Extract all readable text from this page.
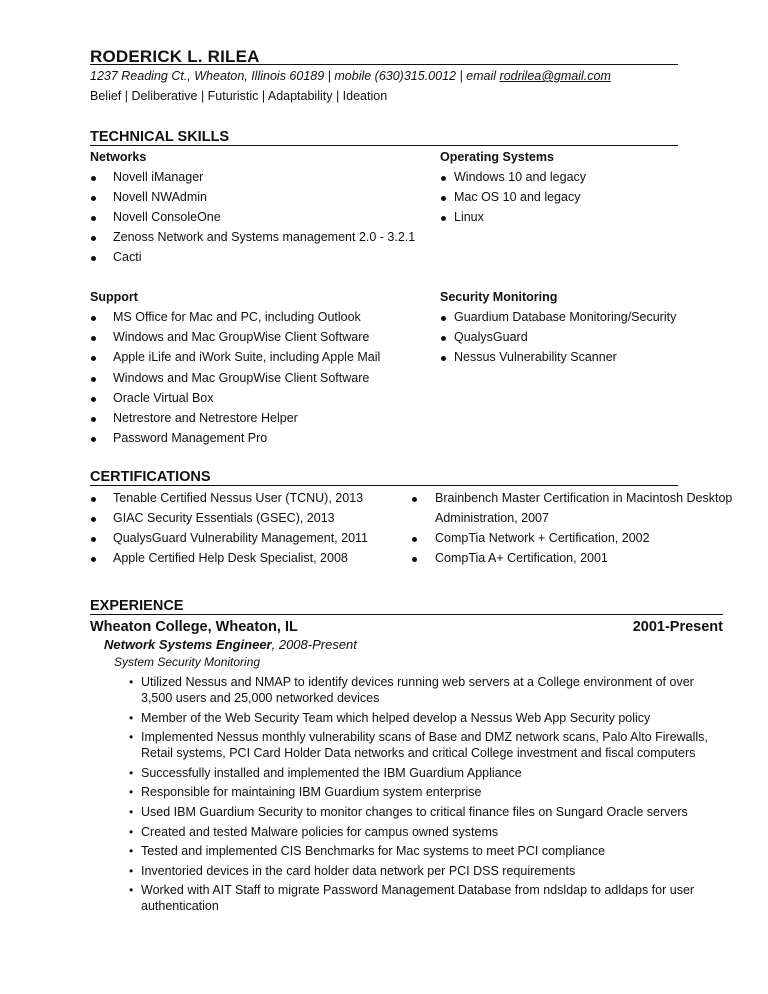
RODERICK L. RILEA
1237 Reading Ct., Wheaton, Illinois 60189 | mobile (630)315.0012 | email rodrilea@gmail.com
Belief | Deliberative | Futuristic | Adaptability | Ideation
TECHNICAL SKILLS
Networks
Novell iManager
Novell NWAdmin
Novell ConsoleOne
Zenoss Network and Systems management 2.0 - 3.2.1
Cacti
Operating Systems
Windows 10 and legacy
Mac OS 10 and legacy
Linux
Support
MS Office for Mac and PC, including Outlook
Windows and Mac GroupWise Client Software
Apple iLife and iWork Suite, including Apple Mail
Windows and Mac GroupWise Client Software
Oracle Virtual Box
Netrestore and Netrestore Helper
Password Management Pro
Security Monitoring
Guardium Database Monitoring/Security
QualysGuard
Nessus Vulnerability Scanner
CERTIFICATIONS
Tenable Certified Nessus User (TCNU), 2013
GIAC Security Essentials (GSEC), 2013
QualysGuard Vulnerability Management, 2011
Apple Certified Help Desk Specialist, 2008
Brainbench Master Certification in Macintosh Desktop
Administration, 2007
CompTia Network + Certification, 2002
CompTia A+ Certification, 2001
EXPERIENCE
Wheaton College, Wheaton, IL	2001-Present
Network Systems Engineer, 2008-Present
System Security Monitoring
• Utilized Nessus and NMAP to identify devices running web servers at a College environment of over
3,500 users and 25,000 networked devices
• Member of the Web Security Team which helped develop a Nessus Web App Security policy
• Implemented Nessus monthly vulnerability scans of Base and DMZ network scans, Palo Alto Firewalls,
Retail systems, PCI Card Holder Data networks and critical College investment and fiscal computers
• Successfully installed and implemented the IBM Guardium Appliance
• Responsible for maintaining IBM Guardium system enterprise
• Used IBM Guardium Security to monitor changes to critical finance files on Sungard Oracle servers
• Created and tested Malware policies for campus owned systems
• Tested and implemented CIS Benchmarks for Mac systems to meet PCI compliance
• Inventoried devices in the card holder data network per PCI DSS requirements
• Worked with AIT Staff to migrate Password Management Database from ndsldap to adldaps for user
authentication
